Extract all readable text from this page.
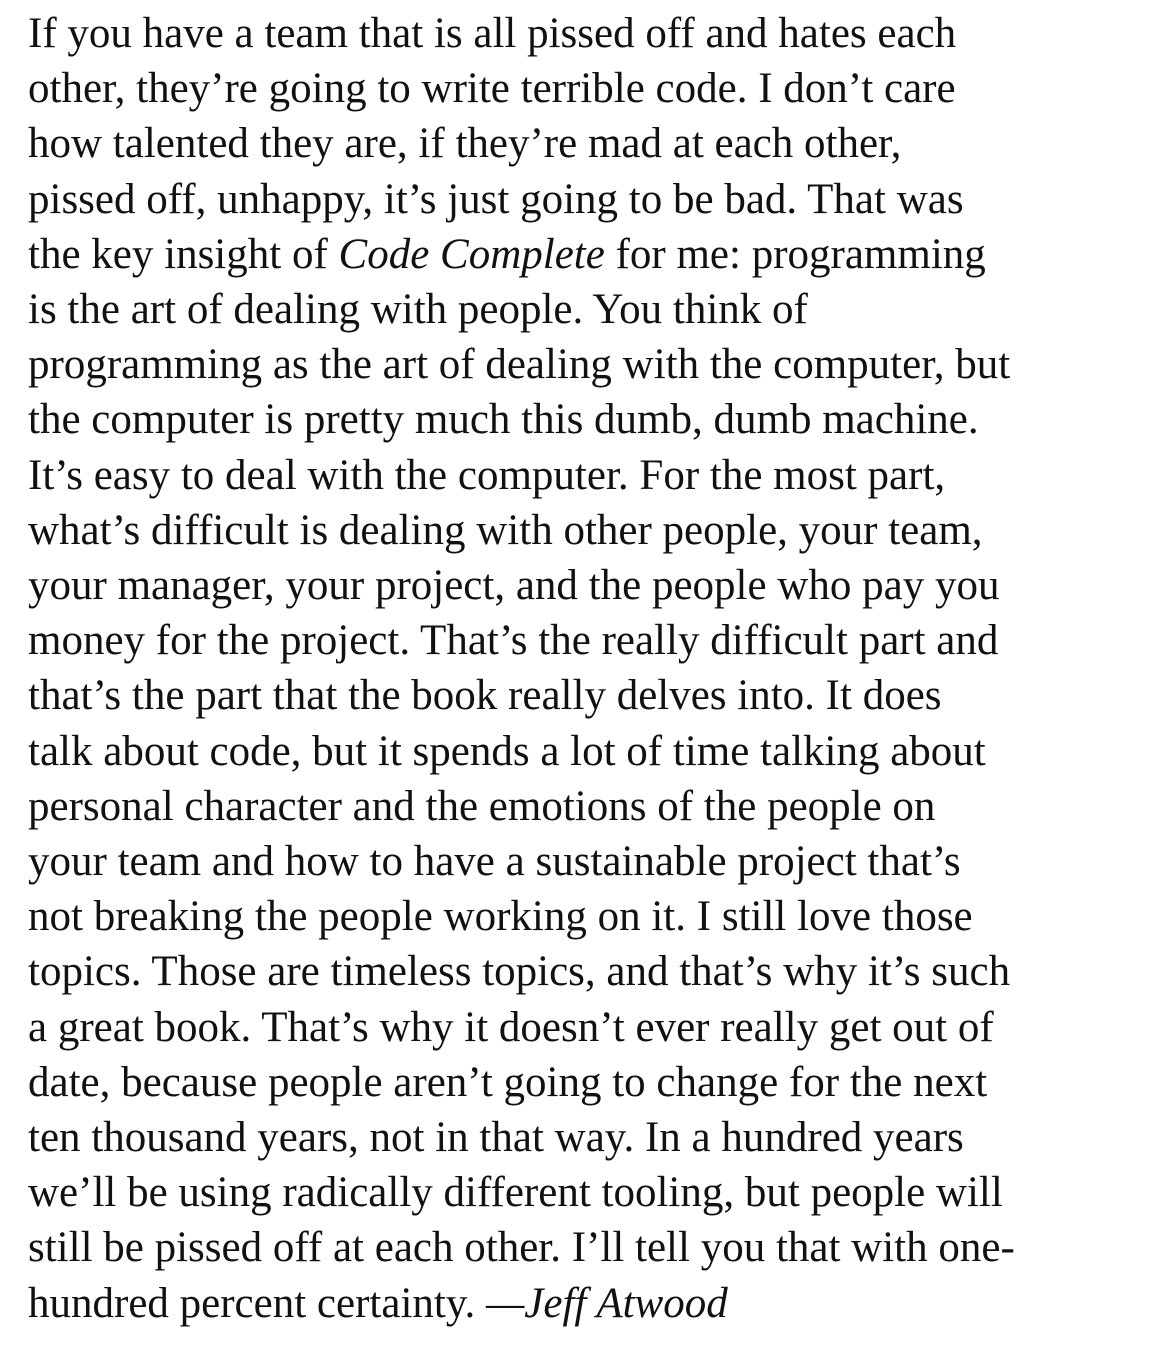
If you have a team that is all pissed off and hates each
other, they’re going to write terrible code. I don’t care
how talented they are, if they’re mad at each other,
pissed off, unhappy, it’s just going to be bad. That was
the key insight of Code Complete for me: programming
is the art of dealing with people. You think of
programming as the art of dealing with the computer, but
the computer is pretty much this dumb, dumb machine.
It’s easy to deal with the computer. For the most part,
what’s difficult is dealing with other people, your team,
your manager, your project, and the people who pay you
money for the project. That’s the really difficult part and
that’s the part that the book really delves into. It does
talk about code, but it spends a lot of time talking about
personal character and the emotions of the people on
your team and how to have a sustainable project that’s
not breaking the people working on it. I still love those
topics. Those are timeless topics, and that’s why it’s such
a great book. That’s why it doesn’t ever really get out of
date, because people aren’t going to change for the next
ten thousand years, not in that way. In a hundred years
we’ll be using radically different tooling, but people will
still be pissed off at each other. I’ll tell you that with one-
hundred percent certainty. —Jeff Atwood
